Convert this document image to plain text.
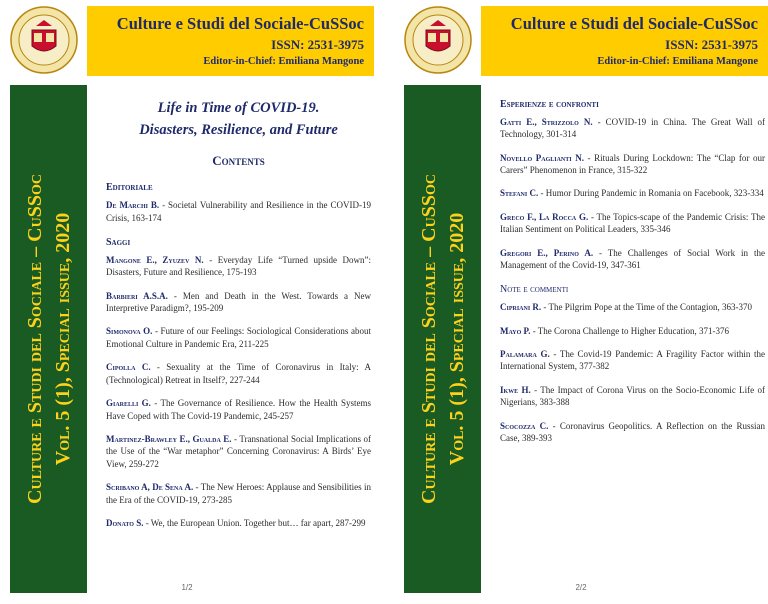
Culture e Studi del Sociale-CuSSoc
ISSN: 2531-3975
Editor-in-Chief: Emiliana Mangone
Culture e Studi del Sociale – CuSSoc Vol. 5 (1), Special issue, 2020
Life in Time of COVID-19.
Disasters, Resilience, and Future
Contents
Editoriale
De Marchi B. - Societal Vulnerability and Resilience in the COVID-19 Crisis, 163-174
Saggi
Mangone E., Zyuzev N. - Everyday Life “Turned upside Down”: Disasters, Future and Resilience, 175-193
Barbieri A.S.A. - Men and Death in the West. Towards a New Interpretive Paradigm?, 195-209
Simonova O. - Future of our Feelings: Sociological Considerations about Emotional Culture in Pandemic Era, 211-225
Cipolla C. - Sexuality at the Time of Coronavirus in Italy: A (Technological) Retreat in Itself?, 227-244
Giarelli G. - The Governance of Resilience. How the Health Systems Have Coped with The Covid-19 Pandemic, 245-257
Martinez-Brawley E., Gualda E. - Transnational Social Implications of the Use of the “War metaphor” Concerning Coronavirus: A Birds’ Eye View, 259-272
Scribano A, De Sena A. - The New Heroes: Applause and Sensibilities in the Era of the COVID-19, 273-285
Donato S. - We, the European Union. Together but… far apart, 287-299
1/2
Culture e Studi del Sociale-CuSSoc
ISSN: 2531-3975
Editor-in-Chief: Emiliana Mangone
Culture e Studi del Sociale – CuSSoc Vol. 5 (1), Special issue, 2020
Esperienze e confronti
Gatti E., Strizzolo N. - COVID-19 in China. The Great Wall of Technology, 301-314
Novello Paglianti N. - Rituals During Lockdown: The “Clap for our Carers” Phenomenon in France, 315-322
Stefani C. - Humor During Pandemic in Romania on Facebook, 323-334
Greco F., La Rocca G. - The Topics-scape of the Pandemic Crisis: The Italian Sentiment on Political Leaders, 335-346
Gregori E., Perino A. - The Challenges of Social Work in the Management of the Covid-19, 347-361
Note e commenti
Cipriani R. - The Pilgrim Pope at the Time of the Contagion, 363-370
Mayo P. - The Corona Challenge to Higher Education, 371-376
Palamara G. - The Covid-19 Pandemic: A Fragility Factor within the International System, 377-382
Ikwe H. - The Impact of Corona Virus on the Socio-Economic Life of Nigerians, 383-388
Scocozza C. - Coronavirus Geopolitics. A Reflection on the Russian Case, 389-393
2/2
